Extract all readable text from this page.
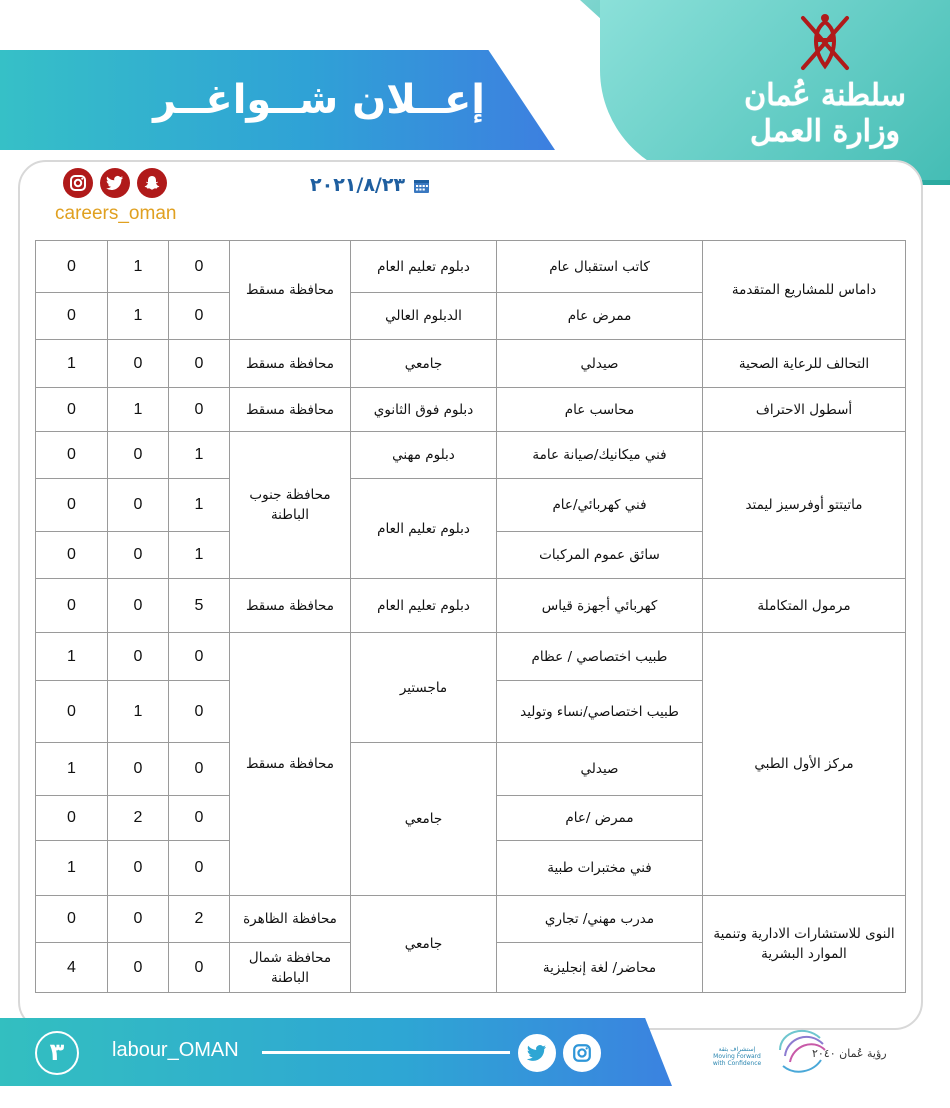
سلطنة عُمان
وزارة العمل
إعــلان شــواغــر
careers_oman
٢٠٢١/٨/٢٣
داماس للمشاريع المتقدمة	كاتب استقبال عام	دبلوم تعليم العام	محافظة مسقط	0	1	0
	ممرض عام	الدبلوم العالي		0	1	0
التحالف للرعاية الصحية	صيدلي	جامعي	محافظة مسقط	0	0	1
أسطول الاحتراف	محاسب عام	دبلوم فوق الثانوي	محافظة مسقط	0	1	0
ماتيتتو أوفرسيز ليمتد	فني ميكانيك/صيانة عامة	دبلوم مهني	محافظة جنوب الباطنة	1	0	0
	فني كهربائي/عام	دبلوم تعليم العام		1	0	0
	سائق عموم المركبات			1	0	0
مرمول المتكاملة	كهربائي أجهزة قياس	دبلوم تعليم العام	محافظة مسقط	5	0	0
مركز الأول الطبي	طبيب اختصاصي / عظام	ماجستير	محافظة مسقط	0	0	1
	طبيب اختصاصي/نساء وتوليد			0	1	0
	صيدلي	جامعي		0	0	1
	ممرض /عام			0	2	0
	فني مختبرات طبية			0	0	1
النوى للاستشارات الادارية وتنمية الموارد البشرية	مدرب مهني/ تجاري	جامعي	محافظة الظاهرة	2	0	0
	محاضر/ لغة إنجليزية		محافظة شمال الباطنة	0	0	4
٣	labour_OMAN	إستشراف بثقة
Moving Forward with Confidence
رؤية عُمان ٢٠٤٠
